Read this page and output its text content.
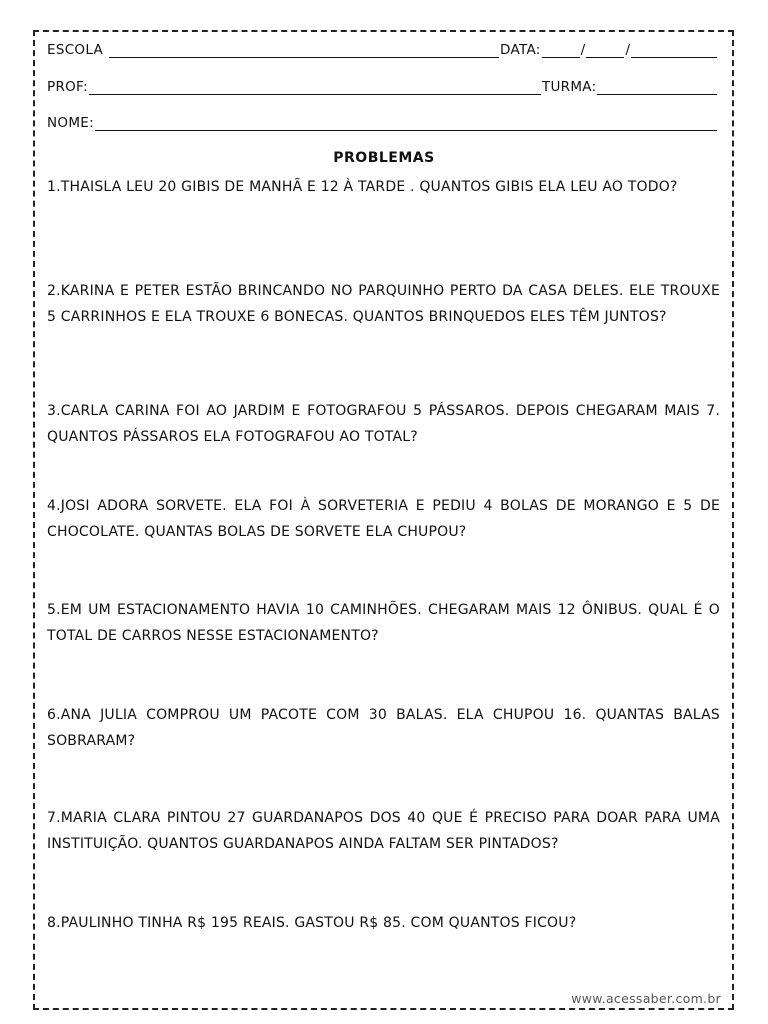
ESCOLA	DATA:	/	/
PROF:	TURMA:
NOME:
PROBLEMAS
1.THAISLA LEU 20 GIBIS DE MANHÃ E 12 À TARDE . QUANTOS GIBIS ELA LEU AO TODO?
2.KARINA E PETER ESTÃO BRINCANDO NO PARQUINHO PERTO DA CASA DELES. ELE TROUXE 5 CARRINHOS E ELA TROUXE 6 BONECAS. QUANTOS BRINQUEDOS ELES TÊM JUNTOS?
3.CARLA CARINA FOI AO JARDIM E FOTOGRAFOU 5 PÁSSAROS. DEPOIS CHEGARAM MAIS 7. QUANTOS PÁSSAROS ELA FOTOGRAFOU AO TOTAL?
4.JOSI ADORA SORVETE. ELA FOI À SORVETERIA E PEDIU 4 BOLAS DE MORANGO E 5 DE CHOCOLATE. QUANTAS BOLAS DE SORVETE ELA CHUPOU?
5.EM UM ESTACIONAMENTO HAVIA 10 CAMINHÕES. CHEGARAM MAIS 12 ÔNIBUS. QUAL É O TOTAL DE CARROS NESSE ESTACIONAMENTO?
6.ANA JULIA COMPROU UM PACOTE COM 30 BALAS. ELA CHUPOU 16. QUANTAS BALAS SOBRARAM?
7.MARIA CLARA PINTOU 27 GUARDANAPOS DOS 40 QUE É PRECISO PARA DOAR PARA UMA INSTITUIÇÃO. QUANTOS GUARDANAPOS AINDA FALTAM SER PINTADOS?
8.PAULINHO TINHA R$ 195 REAIS. GASTOU R$ 85. COM QUANTOS FICOU?
www.acessaber.com.br
